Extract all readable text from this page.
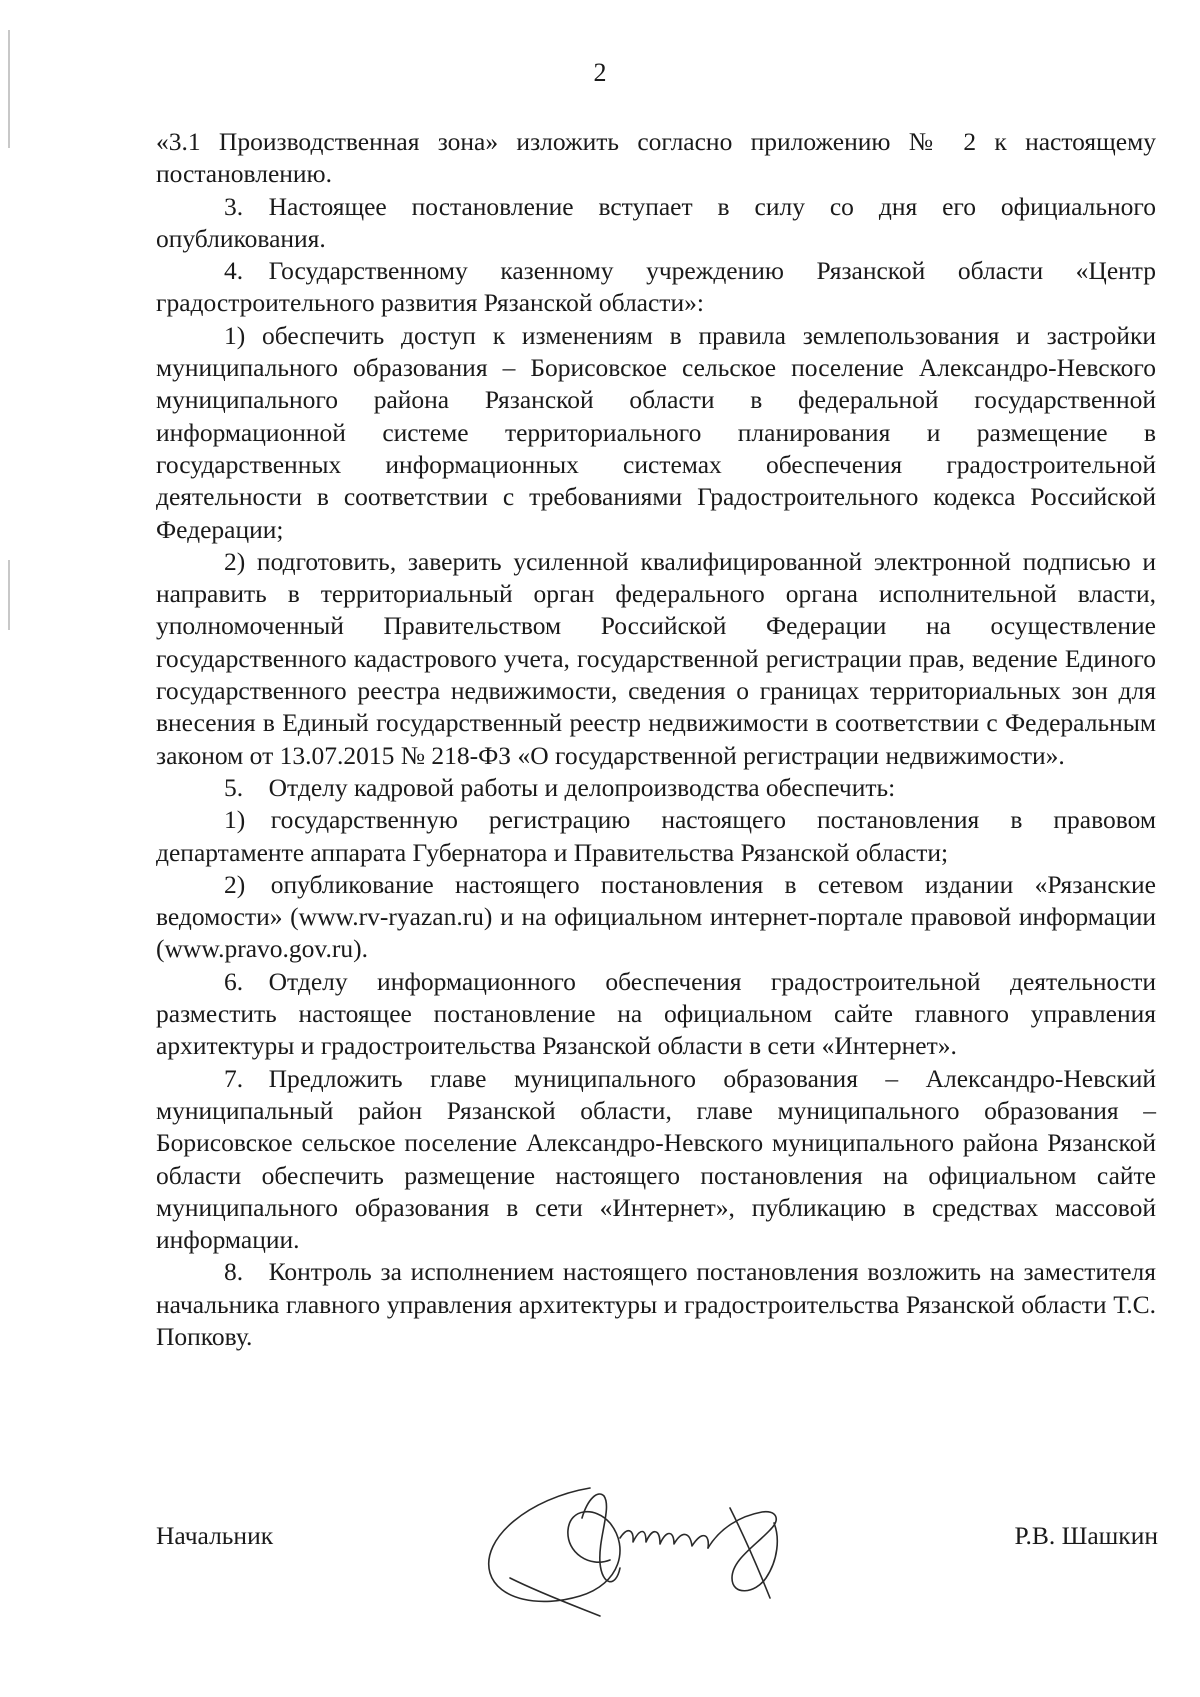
2

«3.1 Производственная зона» изложить согласно приложению № 2 к настоящему постановлению.

3. Настоящее постановление вступает в силу со дня его официального опубликования.

4. Государственному казенному учреждению Рязанской области «Центр градостроительного развития Рязанской области»:

1) обеспечить доступ к изменениям в правила землепользования и застройки муниципального образования – Борисовское сельское поселение Александро-Невского муниципального района Рязанской области в федеральной государственной информационной системе территориального планирования и размещение в государственных информационных системах обеспечения градостроительной деятельности в соответствии с требованиями Градостроительного кодекса Российской Федерации;

2) подготовить, заверить усиленной квалифицированной электронной подписью и направить в территориальный орган федерального органа исполнительной власти, уполномоченный Правительством Российской Федерации на осуществление государственного кадастрового учета, государственной регистрации прав, ведение Единого государственного реестра недвижимости, сведения о границах территориальных зон для внесения в Единый государственный реестр недвижимости в соответствии с Федеральным законом от 13.07.2015 № 218-ФЗ «О государственной регистрации недвижимости».

5. Отделу кадровой работы и делопроизводства обеспечить:

1) государственную регистрацию настоящего постановления в правовом департаменте аппарата Губернатора и Правительства Рязанской области;

2) опубликование настоящего постановления в сетевом издании «Рязанские ведомости» (www.rv-ryazan.ru) и на официальном интернет-портале правовой информации (www.pravo.gov.ru).

6. Отделу информационного обеспечения градостроительной деятельности разместить настоящее постановление на официальном сайте главного управления архитектуры и градостроительства Рязанской области в сети «Интернет».

7. Предложить главе муниципального образования – Александро-Невский муниципальный район Рязанской области, главе муниципального образования – Борисовское сельское поселение Александро-Невского муниципального района Рязанской области обеспечить размещение настоящего постановления на официальном сайте муниципального образования в сети «Интернет», публикацию в средствах массовой информации.

8. Контроль за исполнением настоящего постановления возложить на заместителя начальника главного управления архитектуры и градостроительства Рязанской области Т.С. Попкову.

Начальник	Р.В. Шашкин
